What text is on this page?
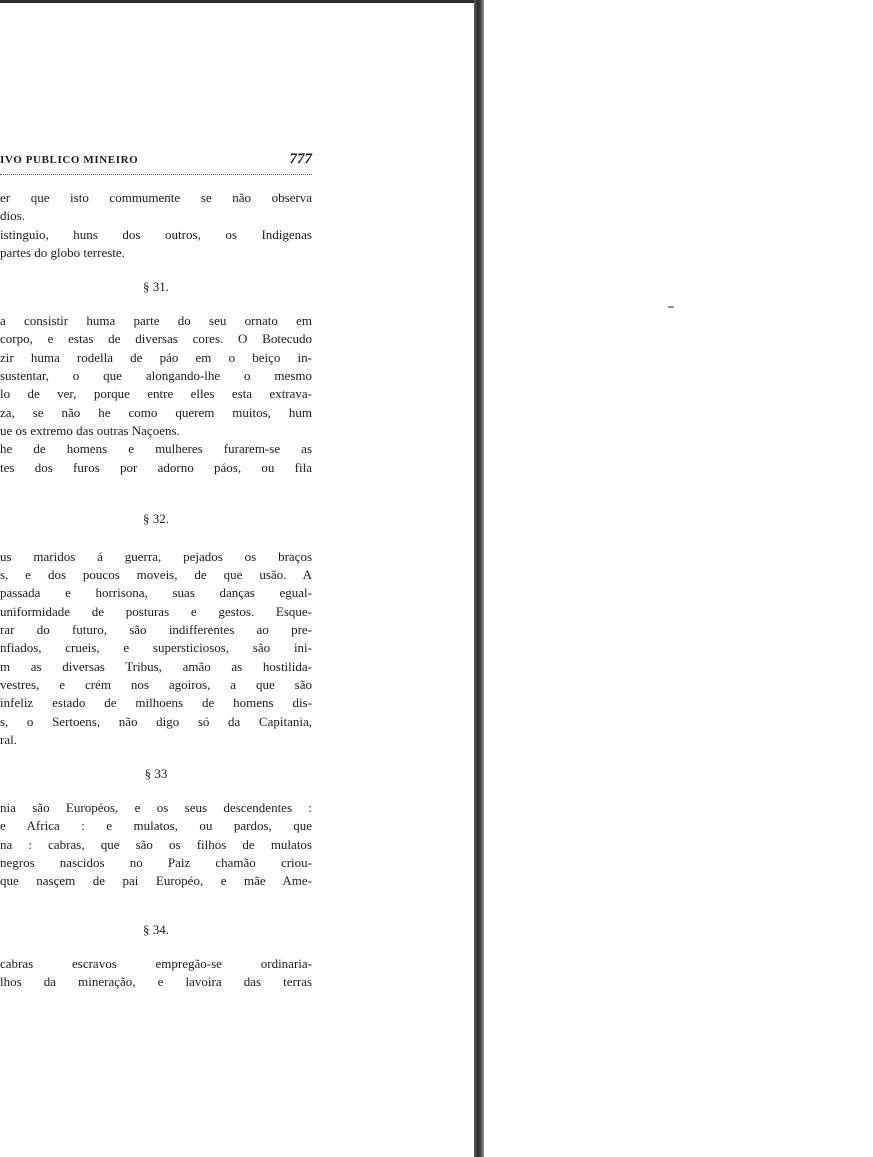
IVO PUBLICO MINEIRO	777
er que isto commumente se não observa
dios.
istinguio, huns dos outros, os Indigenas
partes do globo terreste.
§ 31.
a consistir huma parte do seu ornato em
corpo, e estas de diversas cores. O Botecudo
zir huma rodella de páo em o beiço in-
sustentar, o que alongando-lhe o mesmo
lo de ver, porque entre elles esta extrava-
za, se não he como querem muitos, hum
ue os extremo das outras Naçoens.
he de homens e mulheres furarem-se as
tes dos furos por adorno páos, ou fila
§ 32.
us maridos á guerra, pejados os braços
s, e dos poucos moveis, de que usão. A
passada e horrisona, suas danças egual-
uniformidade de posturas e gestos. Esque-
rar do futuro, são indifferentes ao pre-
nfiados, crueis, e supersticiosos, são ini-
m as diversas Tribus, amão as hostilida-
vestres, e crém nos agoiros, a que são
infeliz estado de milhoens de homens dis-
s, o Sertoens, não digo só da Capitania,
ral.
§ 33
nia são Européos, e os seus descendentes :
e Africa : e mulatos, ou pardos, que
na : cabras, que são os filhos de mulatos
negros nascidos no Paiz chamão criou-
que nasçem de pai Européo, e mãe Ame-
§ 34.
cabras escravos empregão-se ordinaria-
lhos da mineração, e lavoira das terras
